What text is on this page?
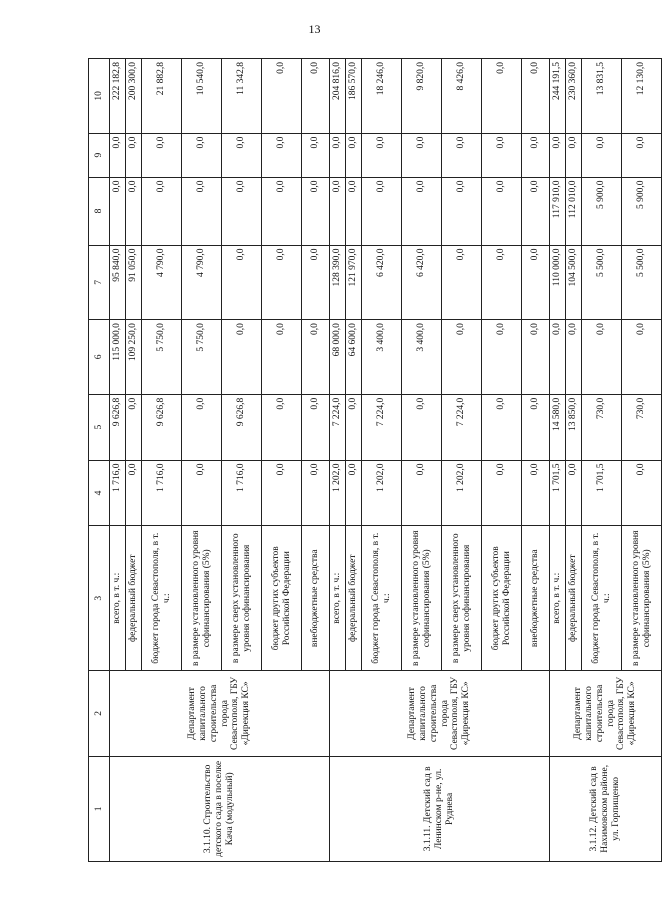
13
1	2	3	4	5	6	7	8	9	10
3.1.10. Строительство детского сада в поселке Кача (модульный)	Департамент капитального строительства города Севастополя, ГБУ «Дирекция КС»	всего, в т. ч.:	1 716,0	9 626,8	115 000,0	95 840,0	0,0	0,0	222 182,8
		федеральный бюджет	0,0	0,0	109 250,0	91 050,0	0,0	0,0	200 300,0
		бюджет города Севастополя, в т. ч.:	1 716,0	9 626,8	5 750,0	4 790,0	0,0	0,0	21 882,8
		в размере установленного уровня софинансирования (5%)	0,0	0,0	5 750,0	4 790,0	0,0	0,0	10 540,0
		в размере сверх установленного уровня софинансирования	1 716,0	9 626,8	0,0	0,0	0,0	0,0	11 342,8
		бюджет других субъектов Российской Федерации	0,0	0,0	0,0	0,0	0,0	0,0	0,0
		внебюджетные средства	0,0	0,0	0,0	0,0	0,0	0,0	0,0
3.1.11. Детский сад в Ленинском р-не, ул. Руднева	Департамент капитального строительства города Севастополя, ГБУ «Дирекция КС»	всего, в т. ч.:	1 202,0	7 224,0	68 000,0	128 390,0	0,0	0,0	204 816,0
		федеральный бюджет	0,0	0,0	64 600,0	121 970,0	0,0	0,0	186 570,0
		бюджет города Севастополя, в т. ч.:	1 202,0	7 224,0	3 400,0	6 420,0	0,0	0,0	18 246,0
		в размере установленного уровня софинансирования (5%)	0,0	0,0	3 400,0	6 420,0	0,0	0,0	9 820,0
		в размере сверх установленного уровня софинансирования	1 202,0	7 224,0	0,0	0,0	0,0	0,0	8 426,0
		бюджет других субъектов Российской Федерации	0,0	0,0	0,0	0,0	0,0	0,0	0,0
		внебюджетные средства	0,0	0,0	0,0	0,0	0,0	0,0	0,0
3.1.12. Детский сад в Нахимовском районе, ул. Горпищенко	Департамент капитального строительства города Севастополя, ГБУ «Дирекция КС»	всего, в т. ч.:	1 701,5	14 580,0	0,0	110 000,0	117 910,0	0,0	244 191,5
		федеральный бюджет	0,0	13 850,0	0,0	104 500,0	112 010,0	0,0	230 360,0
		бюджет города Севастополя, в т. ч.:	1 701,5	730,0	0,0	5 500,0	5 900,0	0,0	13 831,5
		в размере установленного уровня софинансирования (5%)	0,0	730,0	0,0	5 500,0	5 900,0	0,0	12 130,0
